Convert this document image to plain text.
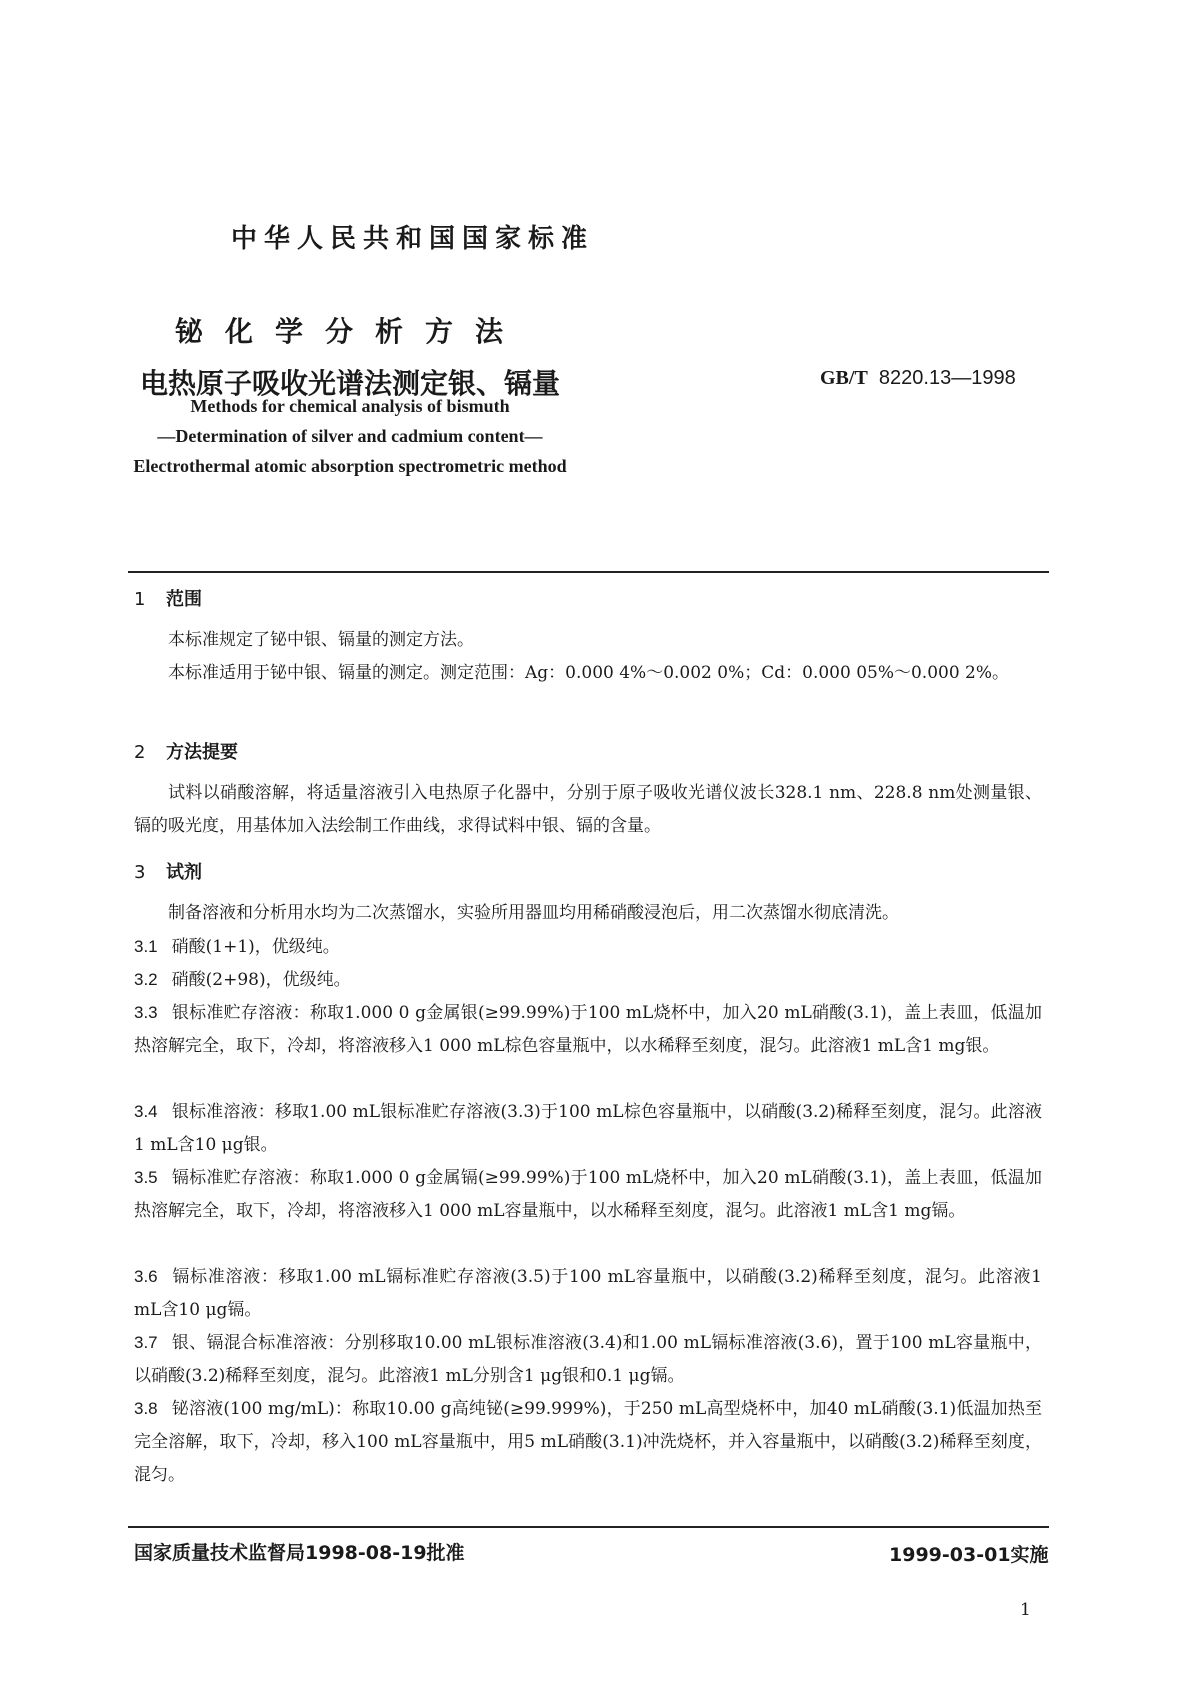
中华人民共和国国家标准
铋化学分析方法
电热原子吸收光谱法测定银、镉量	GB/T 8220.13—1998
Methods for chemical analysis of bismuth
—Determination of silver and cadmium content—
Electrothermal atomic absorption spectrometric method
1 范围
本标准规定了铋中银、镉量的测定方法。
本标准适用于铋中银、镉量的测定。测定范围：Ag：0.000 4%～0.002 0%；Cd：0.000 05%～0.000 2%。
2 方法提要
试料以硝酸溶解，将适量溶液引入电热原子化器中，分别于原子吸收光谱仪波长328.1 nm、228.8 nm处测量银、镉的吸光度，用基体加入法绘制工作曲线，求得试料中银、镉的含量。
3 试剂
制备溶液和分析用水均为二次蒸馏水，实验所用器皿均用稀硝酸浸泡后，用二次蒸馏水彻底清洗。
3.1 硝酸(1+1)，优级纯。
3.2 硝酸(2+98)，优级纯。
3.3 银标准贮存溶液：称取1.000 0 g金属银(≥99.99%)于100 mL烧杯中，加入20 mL硝酸(3.1)，盖上表皿，低温加热溶解完全，取下，冷却，将溶液移入1 000 mL棕色容量瓶中，以水稀释至刻度，混匀。此溶液1 mL含1 mg银。
3.4 银标准溶液：移取1.00 mL银标准贮存溶液(3.3)于100 mL棕色容量瓶中，以硝酸(3.2)稀释至刻度，混匀。此溶液1 mL含10 μg银。
3.5 镉标准贮存溶液：称取1.000 0 g金属镉(≥99.99%)于100 mL烧杯中，加入20 mL硝酸(3.1)，盖上表皿，低温加热溶解完全，取下，冷却，将溶液移入1 000 mL容量瓶中，以水稀释至刻度，混匀。此溶液1 mL含1 mg镉。
3.6 镉标准溶液：移取1.00 mL镉标准贮存溶液(3.5)于100 mL容量瓶中，以硝酸(3.2)稀释至刻度，混匀。此溶液1 mL含10 μg镉。
3.7 银、镉混合标准溶液：分别移取10.00 mL银标准溶液(3.4)和1.00 mL镉标准溶液(3.6)，置于100 mL容量瓶中，以硝酸(3.2)稀释至刻度，混匀。此溶液1 mL分别含1 μg银和0.1 μg镉。
3.8 铋溶液(100 mg/mL)：称取10.00 g高纯铋(≥99.999%)，于250 mL高型烧杯中，加40 mL硝酸(3.1)低温加热至完全溶解，取下，冷却，移入100 mL容量瓶中，用5 mL硝酸(3.1)冲洗烧杯，并入容量瓶中，以硝酸(3.2)稀释至刻度，混匀。
国家质量技术监督局1998-08-19批准	1999-03-01实施
1
